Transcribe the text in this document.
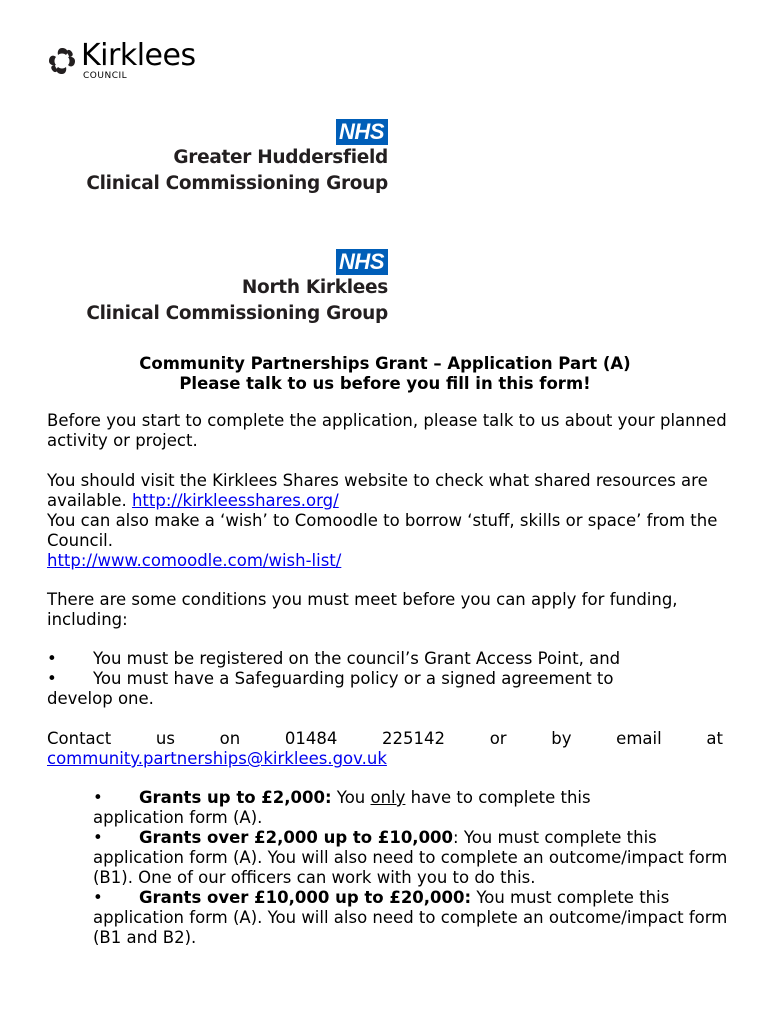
Kirklees
COUNCIL
NHS
Greater Huddersfield
Clinical Commissioning Group
NHS
North Kirklees
Clinical Commissioning Group
Community Partnerships Grant – Application Part (A)
Please talk to us before you fill in this form!
Before you start to complete the application, please talk to us about your planned activity or project.
You should visit the Kirklees Shares website to check what shared resources are available. http://kirkleesshares.org/
You can also make a ‘wish’ to Comoodle to borrow ‘stuff, skills or space’ from the Council.
http://www.comoodle.com/wish-list/
There are some conditions you must meet before you can apply for funding, including:
• You must be registered on the council’s Grant Access Point, and
• You must have a Safeguarding policy or a signed agreement to
develop one.
Contact	us	on	01484	225142	or	by	email	at
community.partnerships@kirklees.gov.uk
• Grants up to £2,000: You only have to complete this
application form (A).
• Grants over £2,000 up to £10,000: You must complete this
application form (A). You will also need to complete an outcome/impact form (B1). One of our officers can work with you to do this.
• Grants over £10,000 up to £20,000: You must complete this
application form (A). You will also need to complete an outcome/impact form (B1 and B2).
